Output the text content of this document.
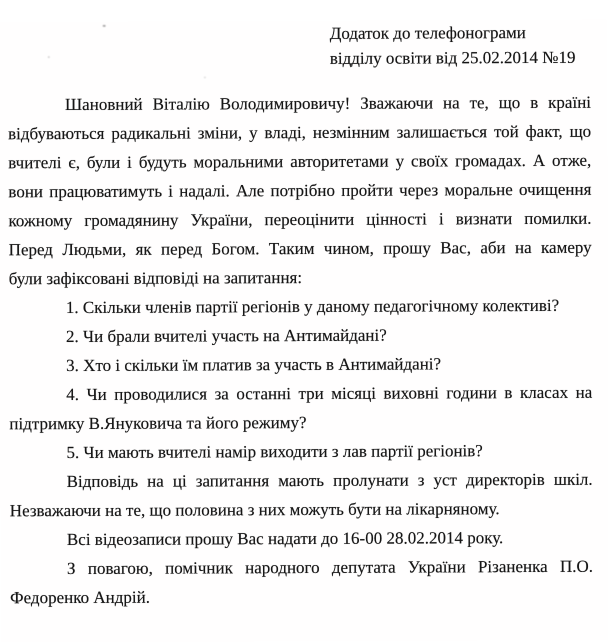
Додаток до телефонограми
відділу освіти від 25.02.2014 №19
Шановний Віталію Володимировичу! Зважаючи на те, що в країні
відбуваються радикальні зміни, у владі, незмінним залишається той факт, що
вчителі є, були і будуть моральними авторитетами у своїх громадах. А отже,
вони працюватимуть і надалі. Але потрібно пройти через моральне очищення
кожному громадянину України, переоцінити цінності і визнати помилки.
Перед Людьми, як перед Богом. Таким чином, прошу Вас, аби на камеру
були зафіксовані відповіді на запитання:
1. Скільки членів партії регіонів у даному педагогічному колективі?
2. Чи брали вчителі участь на Антимайдані?
3. Хто і скільки їм платив за участь в Антимайдані?
4. Чи проводилися за останні три місяці виховні години в класах на
підтримку В.Януковича та його режиму?
5. Чи мають вчителі намір виходити з лав партії регіонів?
Відповідь на ці запитання мають пролунати з уст директорів шкіл.
Незважаючи на те, що половина з них можуть бути на лікарняному.
Всі відеозаписи прошу Вас надати до 16-00 28.02.2014 року.
З повагою, помічник народного депутата України Різаненка П.О.
Федоренко Андрій.
